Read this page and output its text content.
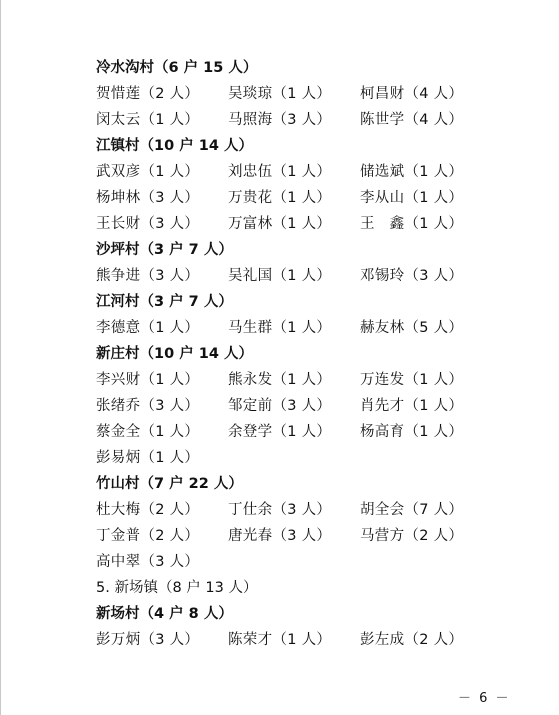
冷水沟村（6 户 15 人）
贺惜莲（2 人） 吴琰琼（1 人） 柯昌财（4 人）
闵太云（1 人） 马照海（3 人） 陈世学（4 人）
江镇村（10 户 14 人）
武双彦（1 人） 刘忠伍（1 人） 储选斌（1 人）
杨坤林（3 人） 万贵花（1 人） 李从山（1 人）
王长财（3 人） 万富林（1 人） 王　鑫（1 人）
沙坪村（3 户 7 人）
熊争进（3 人） 吴礼国（1 人） 邓锡玲（3 人）
江河村（3 户 7 人）
李德意（1 人） 马生群（1 人） 赫友林（5 人）
新庄村（10 户 14 人）
李兴财（1 人） 熊永发（1 人） 万连发（1 人）
张绪乔（3 人） 邹定前（3 人） 肖先才（1 人）
蔡金全（1 人） 余登学（1 人） 杨高育（1 人）
彭易炳（1 人）
竹山村（7 户 22 人）
杜大梅（2 人） 丁仕余（3 人） 胡全会（7 人）
丁金普（2 人） 唐光春（3 人） 马营方（2 人）
高中翠（3 人）
5. 新场镇（8 户 13 人）
新场村（4 户 8 人）
彭万炳（3 人） 陈荣才（1 人） 彭左成（2 人）
－ 6 －
